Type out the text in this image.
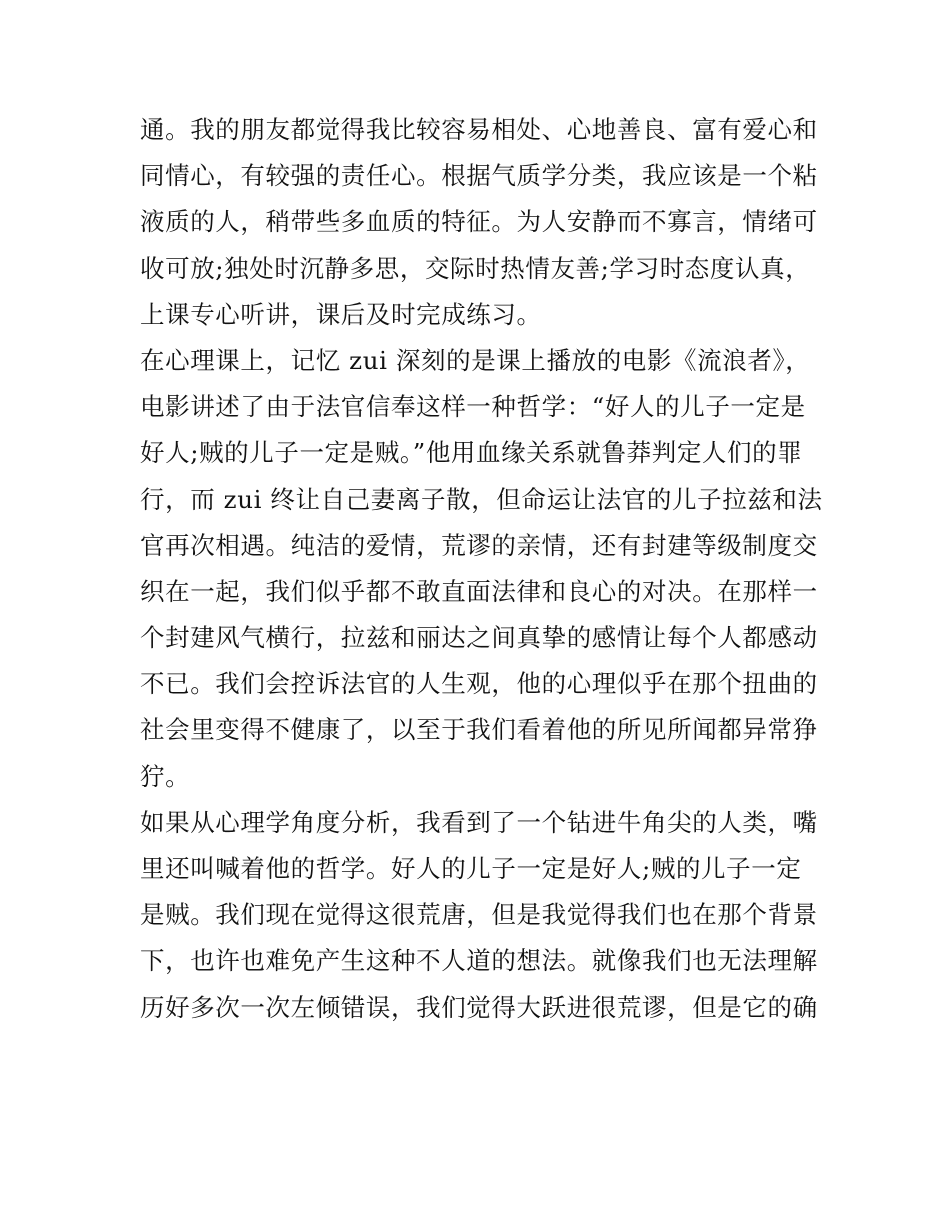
通。我的朋友都觉得我比较容易相处、心地善良、富有爱心和
同情心，有较强的责任心。根据气质学分类，我应该是一个粘
液质的人，稍带些多血质的特征。为人安静而不寡言，情绪可
收可放;独处时沉静多思，交际时热情友善;学习时态度认真，
上课专心听讲，课后及时完成练习。
在心理课上，记忆 zui 深刻的是课上播放的电影《流浪者》，
电影讲述了由于法官信奉这样一种哲学：“好人的儿子一定是
好人;贼的儿子一定是贼。”他用血缘关系就鲁莽判定人们的罪
行，而 zui 终让自己妻离子散，但命运让法官的儿子拉兹和法
官再次相遇。纯洁的爱情，荒谬的亲情，还有封建等级制度交
织在一起，我们似乎都不敢直面法律和良心的对决。在那样一
个封建风气横行，拉兹和丽达之间真挚的感情让每个人都感动
不已。我们会控诉法官的人生观，他的心理似乎在那个扭曲的
社会里变得不健康了，以至于我们看着他的所见所闻都异常狰
狞。
如果从心理学角度分析，我看到了一个钻进牛角尖的人类，嘴
里还叫喊着他的哲学。好人的儿子一定是好人;贼的儿子一定
是贼。我们现在觉得这很荒唐，但是我觉得我们也在那个背景
下，也许也难免产生这种不人道的想法。就像我们也无法理解
历好多次一次左倾错误，我们觉得大跃进很荒谬，但是它的确
